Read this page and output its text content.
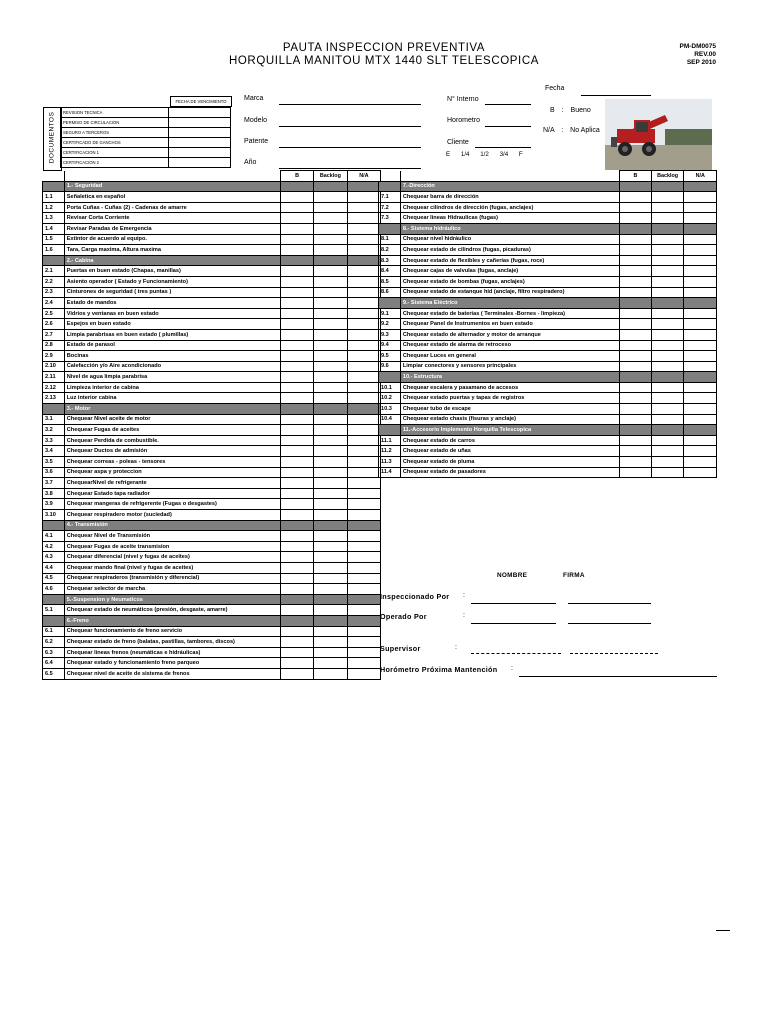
PAUTA INSPECCION PREVENTIVA
HORQUILLA MANITOU MTX 1440 SLT TELESCOPICA
PM-DM0075
REV.00
SEP 2010
DOCUMENTOS
FECHA DE VENCIMIENTO
REVISION TECNICA	
PERMISO DE CIRCULACION	
SEGURO A TERCEROS	
CERTIFICADO DE GANCHOS	
CERTIFICACION 1	
CERTIFICACION 2	
Marca
Modelo
Patente
Año
N° Interno
Horometro
Cliente
E 1/4 1/2 3/4 F
Fecha
B : Bueno
N/A : No Aplica
		B	Backlog	N/A
	1.- Seguridad			
1.1	Señaletica en español			
1.2	Porta Cuñas - Cuñas (2) - Cadenas de amarre			
1.3	Revisar Corta Corriente			
1.4	Revisar Paradas de Emergencia			
1.5	Extintor de acuerdo al equipo.			
1.6	Tara, Carga maxima, Altura maxima			
	2.- Cabina			
2.1	Puertas en buen estado (Chapas, manillas)			
2.2	Asiento operador ( Estado y Funcionamiento)			
2.3	Cinturones de seguridad ( tres puntas )			
2.4	Estado de mandos			
2.5	Vidrios y ventanas en buen estado			
2.6	Espejos en buen estado			
2.7	Limpia parabrisas en buen estado ( plumillas)			
2.8	Estado de parasol			
2.9	Bocinas			
2.10	Calefacción y/o Aire acondicionado			
2.11	Nivel de agua limpia parabrisa			
2.12	Limpieza interior de cabina			
2.13	Luz interior cabina			
	3.- Motor			
3.1	Chequear Nivel aceite de motor			
3.2	Chequear Fugas de aceites			
3.3	Chequear Perdida de combustible.			
3.4	Chequear Ductos de admisión			
3.5	Chequear correas - poleas - tensores			
3.6	Chequear aspa y proteccion			
3.7	ChequearNivel de refrigerante			
3.8	Chequear Estado tapa radiador			
3.9	Chequear mangeras de refrigerente (Fugas o desgastes)			
3.10	Chequear respiradero motor (suciedad)			
	4.- Transmisión			
4.1	Chequear Nivel de Transmisión			
4.2	Chequear Fugas de aceite transmision			
4.3	Chequear diferencial (nivel y fugas de aceites)			
4.4	Chequear mando final (nivel y fugas de aceites)			
4.5	Chequear respiraderos (transmisión y diferencial)			
4.6	Chequear selector de marcha			
	5.-Suspension y Neumaticos			
5.1	Chequear estado de neumáticos (presión, desgaste, amarre)			
	6.-Freno			
6.1	Chequear funcionamiento de freno servicio			
6.2	Chequear estado de freno (balatas, pastillas, tambores, discos)			
6.3	Chequear lineas frenos (neumáticas e hidráulicas)			
6.4	Chequear estado y funcionamiento freno parqueo			
6.5	Chequear nivel de aceite de sistema de frenos			
		B	Backlog	N/A
	7.-Dirección			
7.1	Chequear barra de dirección			
7.2	Chequear cilindros de dirección (fugas, anclajes)			
7.3	Chequear lineas Hidraulicas (fugas)			
	8.- Sistema hidráulico			
8.1	Chequear nivel hidráulico			
8.2	Chequear estado de cilindros (fugas, picaduras)			
8.3	Chequear estado de flexibles y cañerías (fugas, roce)			
8.4	Chequear cajas de valvulas (fugas, anclaje)			
8.5	Chequear estado de bombas (fugas, anclajes)			
8.6	Chequear estado de estanque hid (anclaje, filtro respiradero)			
	9.- Sistema Eléctrico			
9.1	Chequear estado de baterias ( Terminales -Bornes - limpieza)			
9.2	Chequear Panel de Instrumentos en buen estado			
9.3	Chequear estado de alternador y motor de arranque			
9.4	Chequear estado de alarma de retroceso			
9.5	Chequear Luces en general			
9.6	Limpiar conectores y sensores principales			
	10.- Estructura			
10.1	Chequear escalera y pasamano de accesos			
10.2	Chequear estado puertas y tapas de registros			
10.3	Chequear tubo de escape			
10.4	Chequear estado chasis (fisuras y anclaje)			
	11.-Accesorio Implemento Horquilla Telescopica			
11.1	Chequear estado de carros			
11.2	Chequear estado de uñas			
11.3	Chequear estado de pluma			
11.4	Chequear estado de pasadores			
NOMBRE	FIRMA
Inspeccionado Por :
Operado Por	:
Supervisor	:
Horómetro Próxima Mantención :
